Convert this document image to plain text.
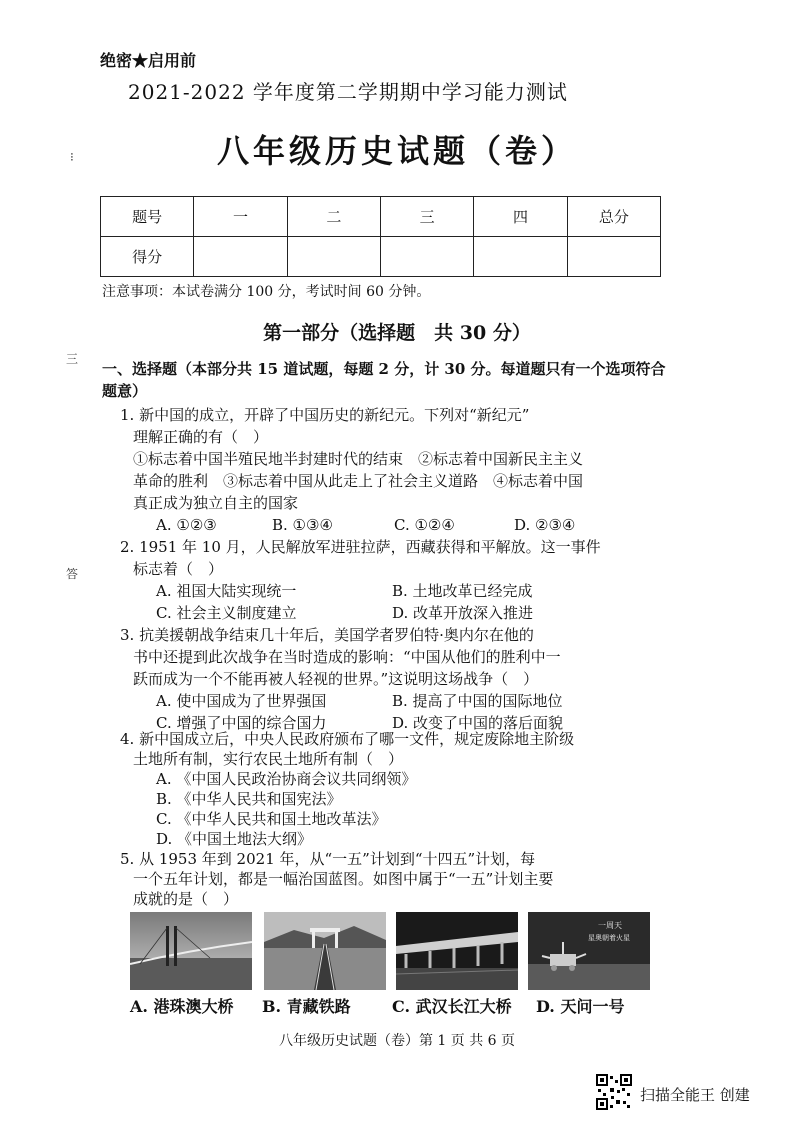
⁝
三
答
绝密★启用前
2021-2022 学年度第二学期期中学习能力测试
八年级历史试题（卷）
题号	一	二	三	四	总分
得分					
注意事项：本试卷满分 100 分，考试时间 60 分钟。
第一部分（选择题　共 30 分）
一、选择题（本部分共 15 道试题，每题 2 分，计 30 分。每道题只有一个选项符合题意）
1. 新中国的成立，开辟了中国历史的新纪元。下列对“新纪元”
理解正确的有（　）
①标志着中国半殖民地半封建时代的结束　②标志着中国新民主主义
革命的胜利　③标志着中国从此走上了社会主义道路　④标志着中国
真正成为独立自主的国家
A. ①②③	B. ①③④	C. ①②④	D. ②③④
2. 1951 年 10 月，人民解放军进驻拉萨，西藏获得和平解放。这一事件
标志着（　）
A. 祖国大陆实现统一	B. 土地改革已经完成
C. 社会主义制度建立	D. 改革开放深入推进
3. 抗美援朝战争结束几十年后，美国学者罗伯特·奥内尔在他的
书中还提到此次战争在当时造成的影响：“中国从他们的胜利中一
跃而成为一个不能再被人轻视的世界。”这说明这场战争（　）
A. 使中国成为了世界强国	B. 提高了中国的国际地位
C. 增强了中国的综合国力	D. 改变了中国的落后面貌
4. 新中国成立后，中央人民政府颁布了哪一文件，规定废除地主阶级
土地所有制，实行农民土地所有制（　）
A. 《中国人民政治协商会议共同纲领》
B. 《中华人民共和国宪法》
C. 《中华人民共和国土地改革法》
D. 《中国土地法大纲》
5. 从 1953 年到 2021 年，从“一五”计划到“十四五”计划，每
一个五年计划，都是一幅治国蓝图。如图中属于“一五”计划主要
成就的是（　）
一周天
星奥朝着火星
A. 港珠澳大桥 B. 青藏铁路	C. 武汉长江大桥 D. 天问一号
八年级历史试题（卷）第 1 页 共 6 页
扫描全能王 创建
